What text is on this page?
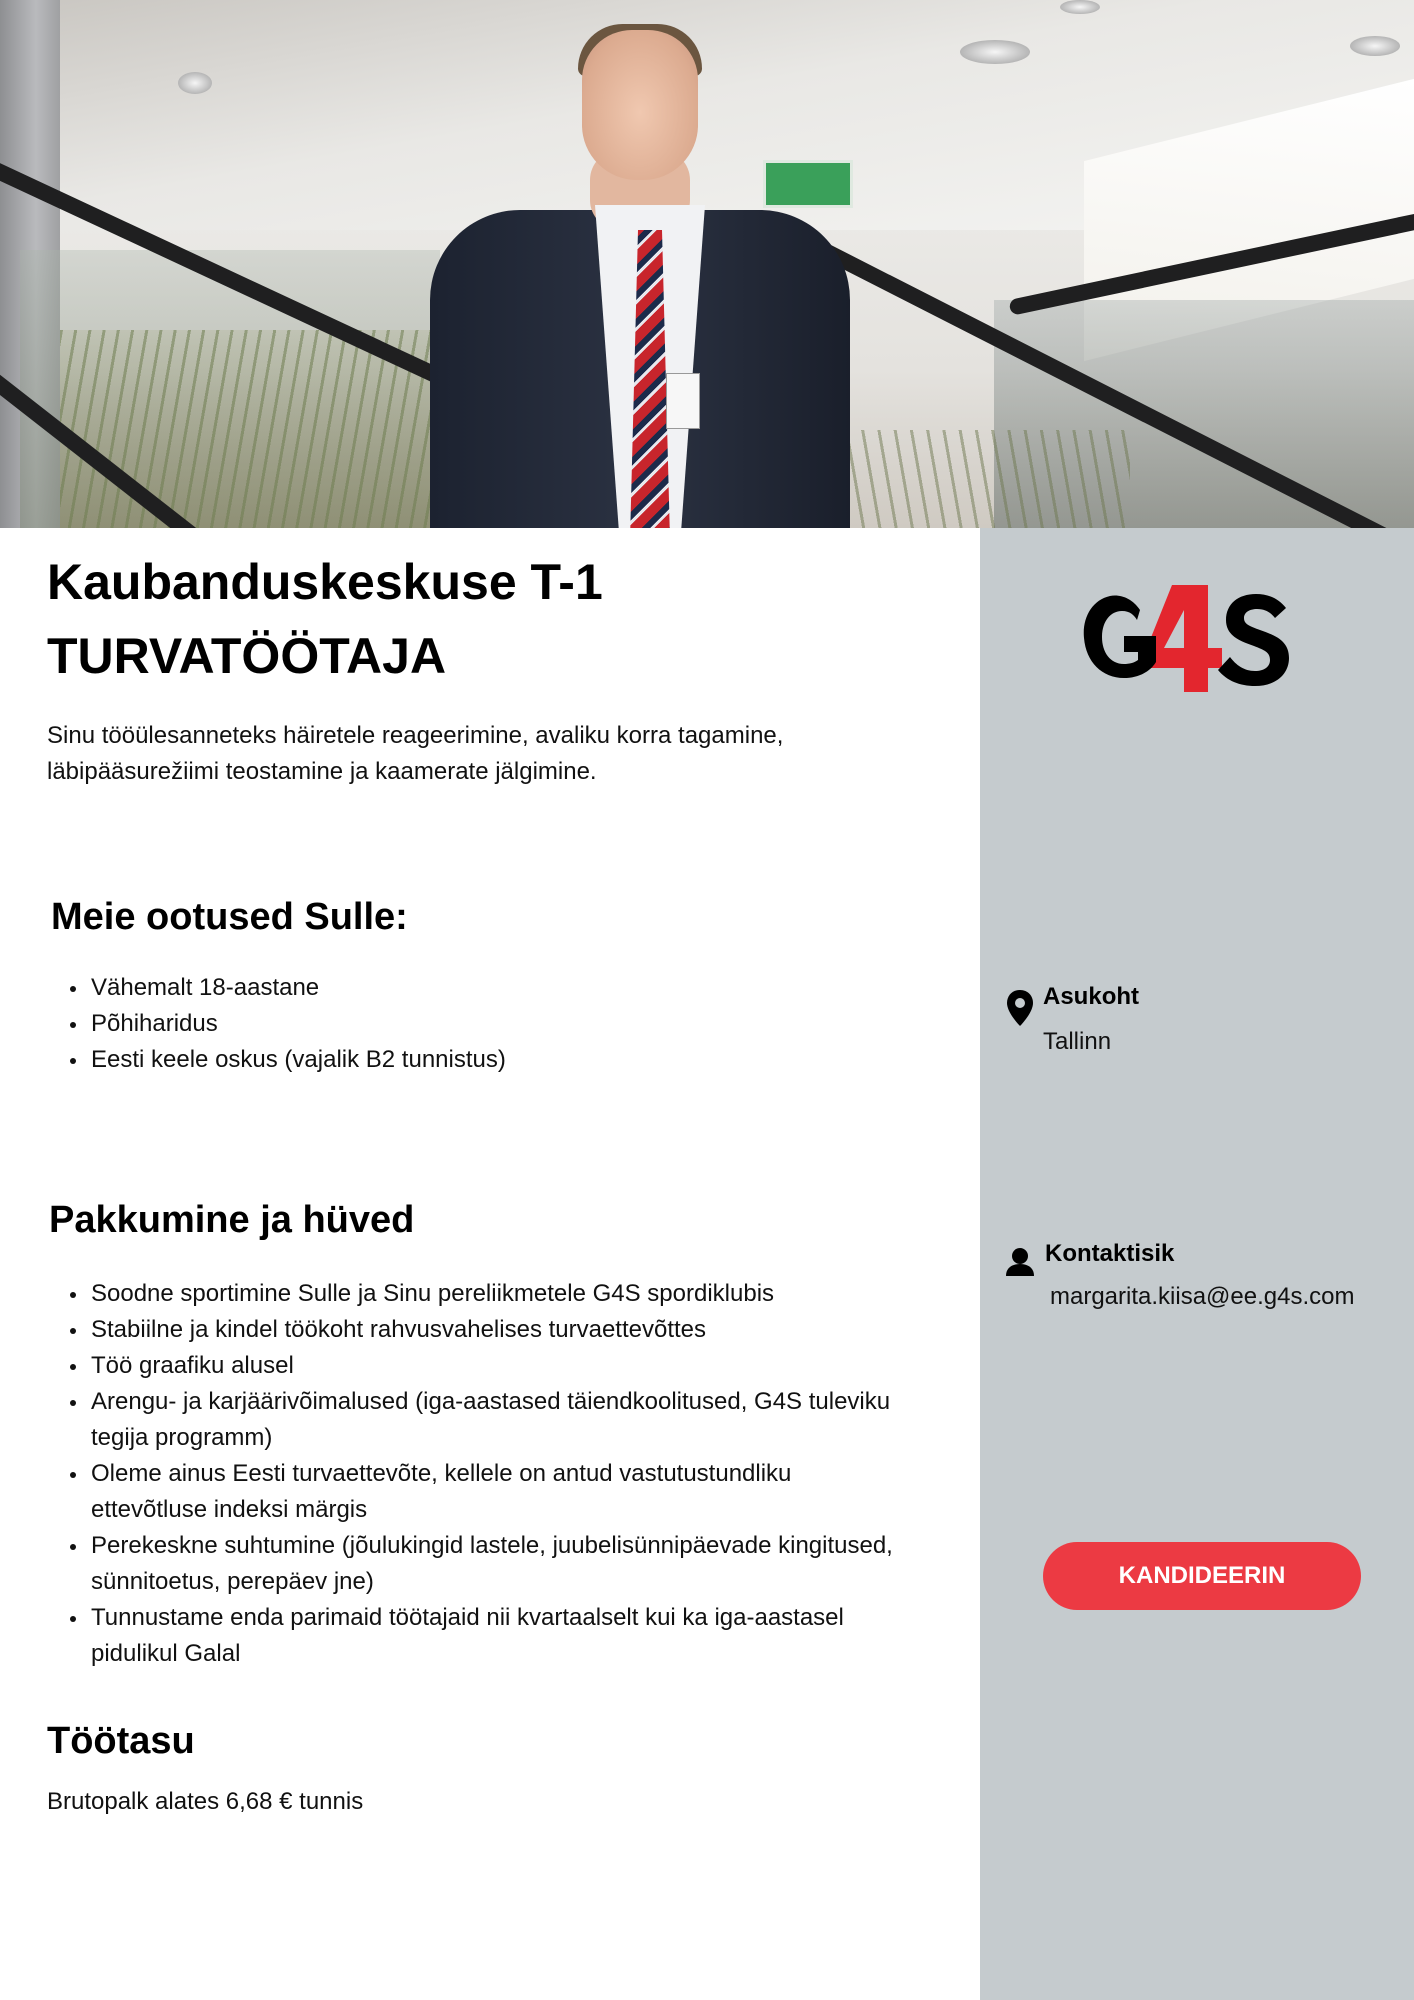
Asukoht
Tallinn
Kontaktisik
margarita.kiisa@ee.g4s.com
KANDIDEERIN
Kaubanduskeskuse T-1
TURVATÖÖTAJA

Sinu tööülesanneteks häiretele reageerimine, avaliku korra tagamine, läbipääsurežiimi teostamine ja kaamerate jälgimine.

Meie ootused Sulle:
Vähemalt 18-aastane
Põhiharidus
Eesti keele oskus (vajalik B2 tunnistus)
Pakkumine ja hüved
Soodne sportimine Sulle ja Sinu pereliikmetele G4S spordiklubis
Stabiilne ja kindel töökoht rahvusvahelises turvaettevõttes
Töö graafiku alusel
Arengu- ja karjäärivõimalused (iga-aastased täiendkoolitused, G4S tuleviku tegija programm)
Oleme ainus Eesti turvaettevõte, kellele on antud vastutustundliku ettevõtluse indeksi märgis
Perekeskne suhtumine (jõulukingid lastele, juubelisünnipäevade kingitused, sünnitoetus, perepäev jne)
Tunnustame enda parimaid töötajaid nii kvartaalselt kui ka iga-aastasel pidulikul Galal
Töötasu

Brutopalk alates 6,68 € tunnis
